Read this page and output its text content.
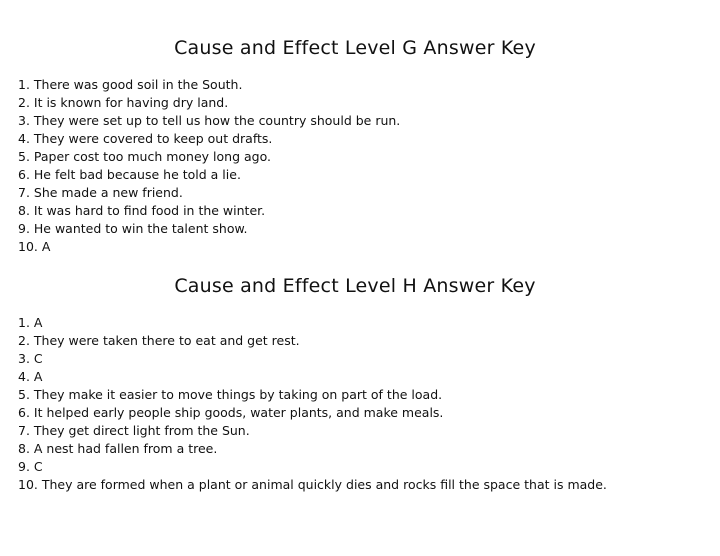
Cause and Effect Level G Answer Key
1. There was good soil in the South.
2. It is known for having dry land.
3. They were set up to tell us how the country should be run.
4. They were covered to keep out drafts.
5. Paper cost too much money long ago.
6. He felt bad because he told a lie.
7. She made a new friend.
8. It was hard to find food in the winter.
9. He wanted to win the talent show.
10. A
Cause and Effect Level H Answer Key
1. A
2. They were taken there to eat and get rest.
3. C
4. A
5. They make it easier to move things by taking on part of the load.
6. It helped early people ship goods, water plants, and make meals.
7. They get direct light from the Sun.
8. A nest had fallen from a tree.
9. C
10. They are formed when a plant or animal quickly dies and rocks fill the space that is made.
